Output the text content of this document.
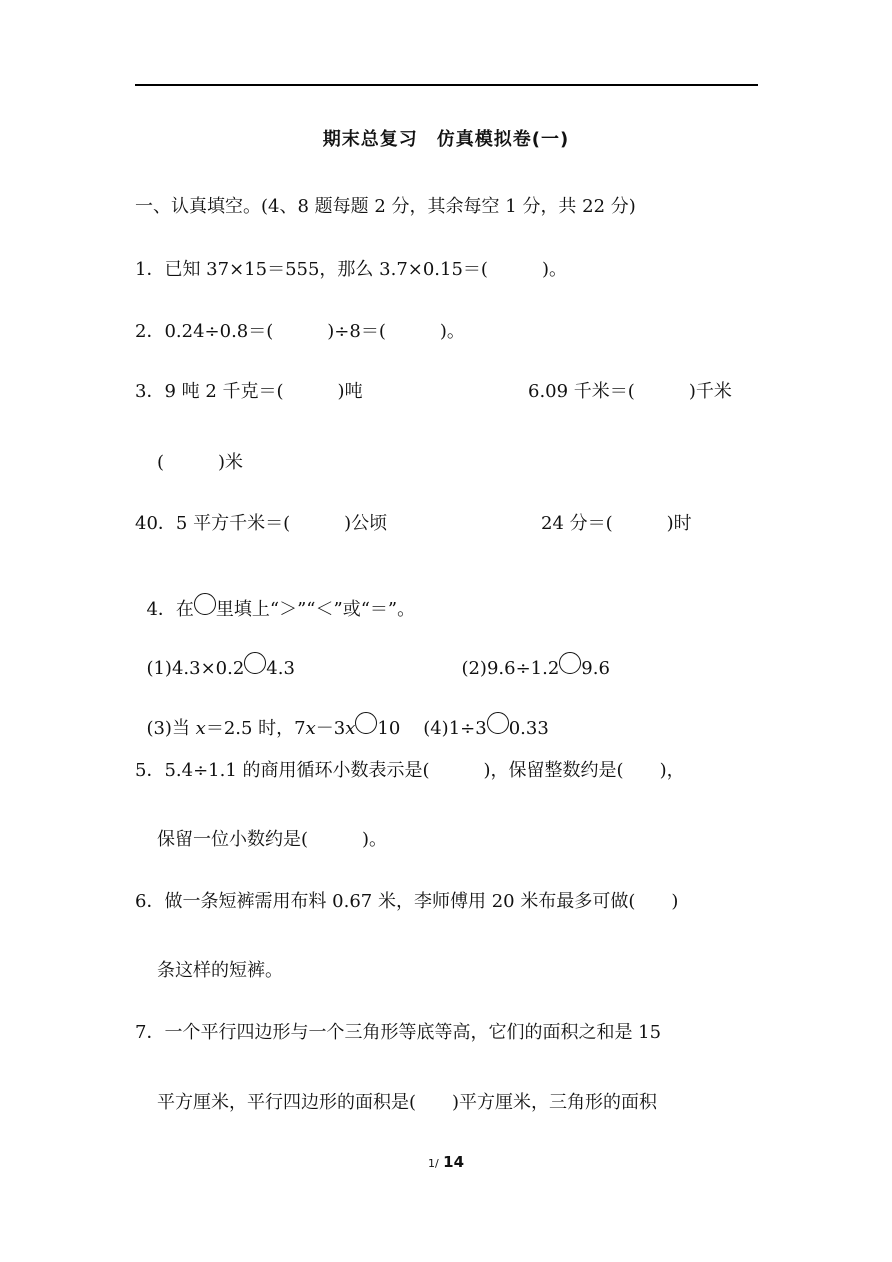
期末总复习　仿真模拟卷(一)
一、认真填空。(4、8 题每题 2 分，其余每空 1 分，共 22 分)
1．已知 37×15＝555，那么 3.7×0.15＝(　　　)。
2．0.24÷0.8＝(　　　)÷8＝(　　　)。
3．9 吨 2 千克＝(　　　)吨	6.09 千米＝(　　　)千米
(　　　)米
40．5 平方千米＝(　　　)公顷	24 分＝(　　　)时

4．在 里填上“＞”“＜”或“＝”。

(1)4.3×0.2 4.3	(2)9.6÷1.2 9.6

(3)当 x＝2.5 时，7x－3x 10 (4)1÷3 0.33

5．5.4÷1.1 的商用循环小数表示是(　　　)，保留整数约是(　　)，
保留一位小数约是(　　　)。
6．做一条短裤需用布料 0.67 米，李师傅用 20 米布最多可做(　　)
条这样的短裤。
7．一个平行四边形与一个三角形等底等高，它们的面积之和是 15
平方厘米，平行四边形的面积是(　　)平方厘米，三角形的面积
1/ 14
